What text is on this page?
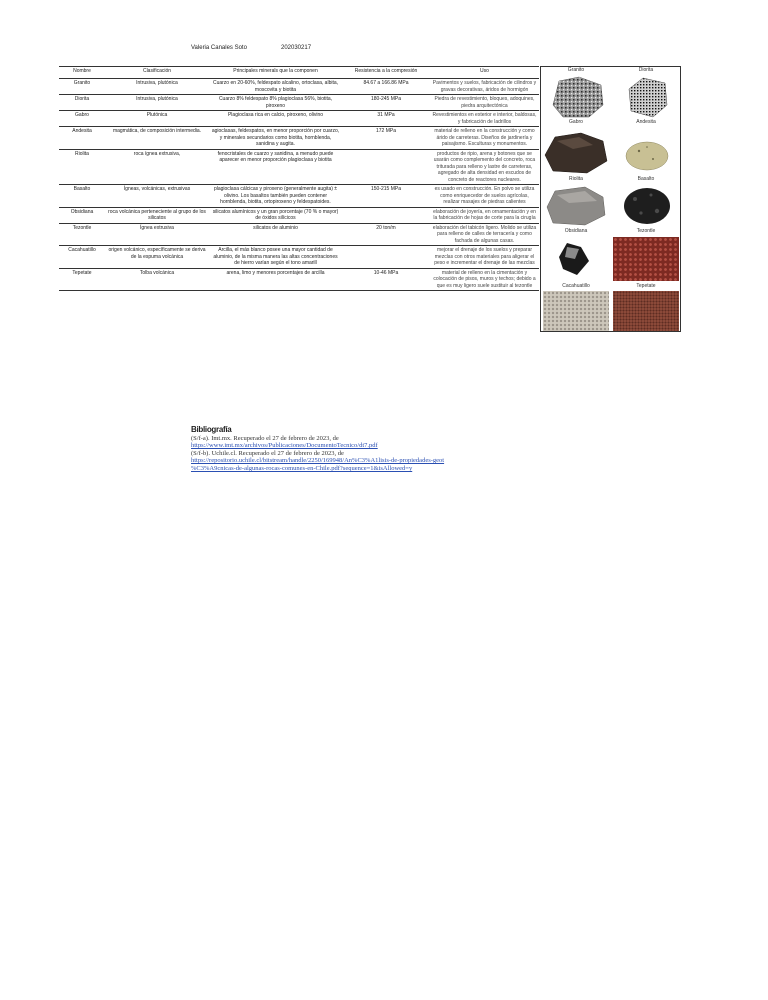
Valeria Canales Soto	202030217
Nombre	Clasificación	Principales minerals que la componen	Resistencia a la compresión	Uso
Granito	Intrusiva, plutónica	Cuarzo en 20-60%, feldespato alcalino, ortoclasa, albita, moscovita y biotita	84.67 a 166.86 MPa	Pavimentos y suelos, fabricación de cilindros y gravas decorativas, áridos de hormigón
Diorita	Intrusiva, plutónica	Cuarzo 8% feldespato 8% plagioclasa 56%, biotita, piroxeno	180-245 MPa	Piedra de revestimiento, bloques, adoquines, piedra arquitectónica
Gabro	Plutónica	Plagioclasa rica en calcio, piroxeno, olivino	31 MPa	Revestimientos en exterior e interior, baldosas, y fabricación de ladrillos
Andesita	magmática, de composición intermedia.	agioclasas, feldespatos, en menor proporción por cuarzo, y minerales secundarios como biotita, hornblenda, sanidina y augita.	172 MPa	material de relleno en la construcción y como árido de carreteras. Diseños de jardinería y paisajismo. Esculturas y monumentos.
Riolita	roca ígnea extrusiva,	fenocristales de cuarzo y sanidina, a menudo puede aparecer en menor proporción plagioclasa y biotita		productos de ripio, arena y botones que se usarán como complemento del concreto, roca triturada para relleno y lastre de carreteras, agregado de alta densidad en escudos de concreto de reactores nucleares.
Basalto	Ígneas, volcánicas, extrusivas	plagioclasa cálcicas y piroxeno (generalmente augita) ± olivino. Los basaltos también pueden contener hornblenda, biotita, ortopiroxeno y feldespatoides.	150-215 MPa	es usado en construcción. En polvo se utiliza como enriquecedor de suelos agrícolas, realizar masajes de piedras calientes
Obsidiana	roca volcánica perteneciente al grupo de los silicatos	silicatos alumínicos y un gran porcentaje (70 % o mayor) de óxidos silícicos		elaboración de joyería, en ornamentación y en la fabricación de hojas de corte para la cirugía
Tezontle	Ígnea extrusiva	silicatos de aluminio	20 ton/m	elaboración del tabicón ligero. Molido se utiliza para relleno de calles de terracería y como fachada de algunas casas.
Cacahuatillo	origen volcánico, específicamente se deriva de la espuma volcánica	Arcilla, el más blanco posee una mayor cantidad de aluminio, de la misma manera las altas concentraciones de hierro varían según el tono amarill		mejorar el drenaje de los suelos y preparar mezclas con otros materiales para aligerar el peso e incrementar el drenaje de las mezclas
Tepetate	Tolba volcánica	arena, limo y menores porcentajes de arcilla	10-46 MPa	material de relleno en la cimentación y colocación de pisos, muros y techos; debido a que es muy ligero suele sustituir al tezontle
Granito	Diorita
Gabro	Andesita
Riolita	Basalto
Obsidiana	Tezontle
Cacahuatillo	Tepetate
Bibliografía
(S/f-a). Imt.mx. Recuperado el 27 de febrero de 2023, de
https://www.imt.mx/archivos/Publicaciones/DocumentoTecnico/dt7.pdf
(S/f-b). Uchile.cl. Recuperado el 27 de febrero de 2023, de
https://repositorio.uchile.cl/bitstream/handle/2250/169948/An%C3%A1lisis-de-propiedades-geot
%C3%A9cnicas-de-algunas-rocas-comunes-en-Chile.pdf?sequence=1&isAllowed=y
